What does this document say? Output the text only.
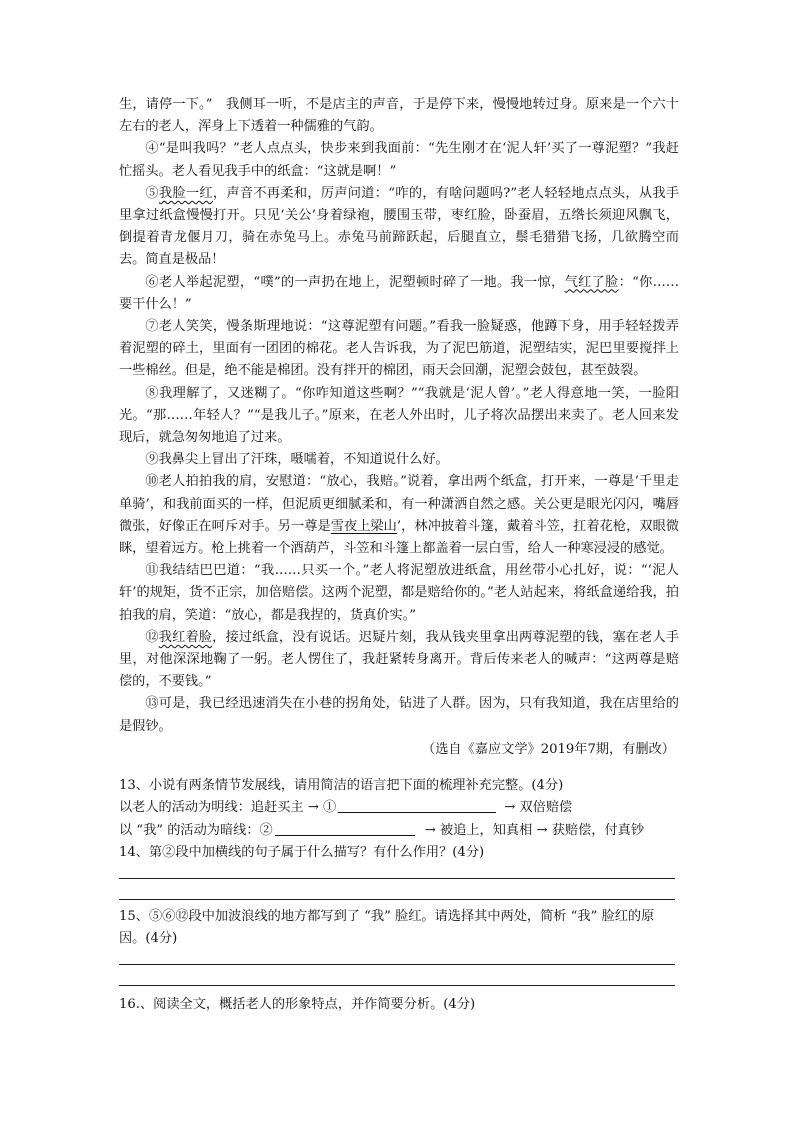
生，请停一下。”　我侧耳一听，不是店主的声音，于是停下来，慢慢地转过身。原来是一个六十左右的老人，浑身上下透着一种儒雅的气韵。

④“是叫我吗？”老人点点头，快步来到我面前：“先生刚才在‘泥人轩’买了一尊泥塑？”我赶忙摇头。老人看见我手中的纸盒：“这就是啊！”

⑤我脸一红，声音不再柔和，厉声问道：“咋的，有啥问题吗?”老人轻轻地点点头，从我手里拿过纸盒慢慢打开。只见‘关公’身着绿袍，腰围玉带，枣红脸，卧蚕眉，五绺长须迎风飘飞，倒提着青龙偃月刀，骑在赤兔马上。赤兔马前蹄跃起，后腿直立，鬃毛猎猎飞扬，几欲腾空而去。简直是极品！

⑥老人举起泥塑，“噗”的一声扔在地上，泥塑顿时碎了一地。我一惊，气红了脸：“你……要干什么！”

⑦老人笑笑，慢条斯理地说：“这尊泥塑有问题。”看我一脸疑惑，他蹲下身，用手轻轻拨弄着泥塑的碎土，里面有一团团的棉花。老人告诉我，为了泥巴筋道，泥塑结实，泥巴里要搅拌上一些棉丝。但是，绝不能是棉团。没有拌开的棉团，雨天会回潮，泥塑会鼓包，甚至鼓裂。

⑧我理解了，又迷糊了。“你咋知道这些啊？”“我就是‘泥人曾’。”老人得意地一笑，一脸阳光。“那……年轻人？”“是我儿子。”原来，在老人外出时，儿子将次品摆出来卖了。老人回来发现后，就急匆匆地追了过来。

⑨我鼻尖上冒出了汗珠，嗫嚅着，不知道说什么好。

⑩老人拍拍我的肩，安慰道：“放心，我赔。”说着，拿出两个纸盒，打开来，一尊是‘千里走单骑’，和我前面买的一样，但泥质更细腻柔和，有一种潇洒自然之感。关公更是眼光闪闪，嘴唇微张，好像正在呵斥对手。另一尊是雪夜上梁山’，林冲披着斗篷，戴着斗笠，扛着花枪，双眼微眯，望着远方。枪上挑着一个酒葫芦，斗笠和斗篷上都盖着一层白雪，给人一种寒浸浸的感觉。

⑪我结结巴巴道：“我……只买一个。”老人将泥塑放进纸盒，用丝带小心扎好，说：“‘泥人轩’的规矩，货不正宗，加倍赔偿。这两个泥塑，都是赔给你的。”老人站起来，将纸盒递给我，拍拍我的肩，笑道：“放心，都是我捏的，货真价实。”

⑫我红着脸，接过纸盒，没有说话。迟疑片刻，我从钱夹里拿出两尊泥塑的钱，塞在老人手里，对他深深地鞠了一躬。老人愣住了，我赶紧转身离开。背后传来老人的喊声：“这两尊是赔偿的，不要钱。”

⑬可是，我已经迅速消失在小巷的拐角处，钻进了人群。因为，只有我知道，我在店里给的是假钞。

（选自《嘉应文学》2019年7期，有删改）

13、小说有两条情节发展线，请用简洁的语言把下面的梳理补充完整。(4分)

以老人的活动为明线：追赶买主 → ①	→ 双倍赔偿

以 “我” 的活动为暗线：②	→ 被追上，知真相 → 获赔偿，付真钞

14、第②段中加横线的句子属于什么描写？有什么作用？(4分)

15、⑤⑥⑫段中加波浪线的地方都写到了 “我” 脸红。请选择其中两处，简析 “我” 脸红的原因。(4分)

16.、阅读全文，概括老人的形象特点，并作简要分析。(4分)
